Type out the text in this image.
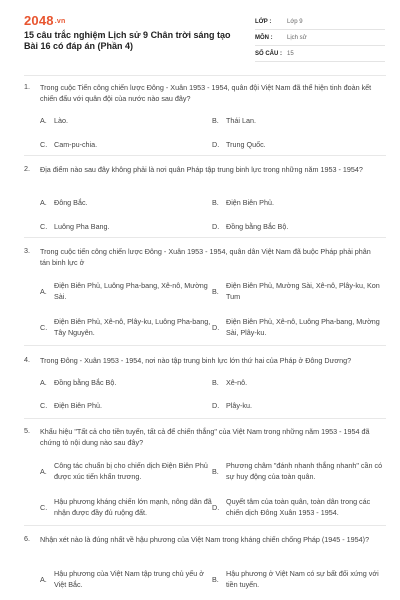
2048.vn
15 câu trắc nghiệm Lịch sử 9 Chân trời sáng tạo Bài 16 có đáp án (Phần 4)
LỚP :	Lớp 9
MÔN :	Lịch sử
SỐ CÂU : 15
1. Trong cuộc Tiến công chiến lược Đông - Xuân 1953 - 1954, quân đội Việt Nam đã thể hiện tinh đoàn kết chiến đấu với quân đội của nước nào sau đây?
A. Lào.	B. Thái Lan.
C. Cam-pu-chia.	D. Trung Quốc.
2. Địa điểm nào sau đây không phải là nơi quân Pháp tập trung binh lực trong những năm 1953 - 1954?
A. Đông Bắc.	B. Điện Biên Phủ.
C. Luông Pha Bang.	D. Đồng bằng Bắc Bộ.
3. Trong cuộc tiến công chiến lược Đông - Xuân 1953 - 1954, quân dân Việt Nam đã buộc Pháp phải phân tán binh lực ở
A.
Điện Biên Phủ, Luông Pha-bang, Xê-nô, Mường Sài.
B.
Điện Biên Phủ, Mường Sài, Xê-nô, Plây-ku, Kon Tum
C.
Điện Biên Phủ, Xê-nô, Plây-ku, Luông Pha-bang, Tây Nguyên.
D.
Điện Biên Phủ, Xê-nô, Luông Pha-bang, Mường Sài, Plây-ku.
4. Trong Đông - Xuân 1953 - 1954, nơi nào tập trung binh lực lớn thứ hai của Pháp ở Đông Dương?
A. Đồng bằng Bắc Bộ.	B. Xê-nô.
C. Điện Biên Phủ.	D. Plây-ku.
5. Khẩu hiệu "Tất cả cho tiền tuyến, tất cả để chiến thắng" của Việt Nam trong những năm 1953 - 1954 đã chứng tỏ nội dung nào sau đây?
A.
Công tác chuẩn bị cho chiến dịch Điện Biên Phủ được xúc tiến khẩn trương.
B.
Phương châm "đánh nhanh thắng nhanh" cần có sự huy động của toàn quân.
C.
Hậu phương kháng chiến lớn mạnh, nông dân đã nhận được đầy đủ ruộng đất.
D.
Quyết tâm của toàn quân, toàn dân trong các chiến dịch Đông Xuân 1953 - 1954.
6. Nhận xét nào là đúng nhất về hậu phương của Việt Nam trong kháng chiến chống Pháp (1945 - 1954)?
A.
Hậu phương của Việt Nam tập trung chủ yếu ở Việt Bắc.
B.
Hậu phương ở Việt Nam có sự bất đối xứng với tiền tuyến.
